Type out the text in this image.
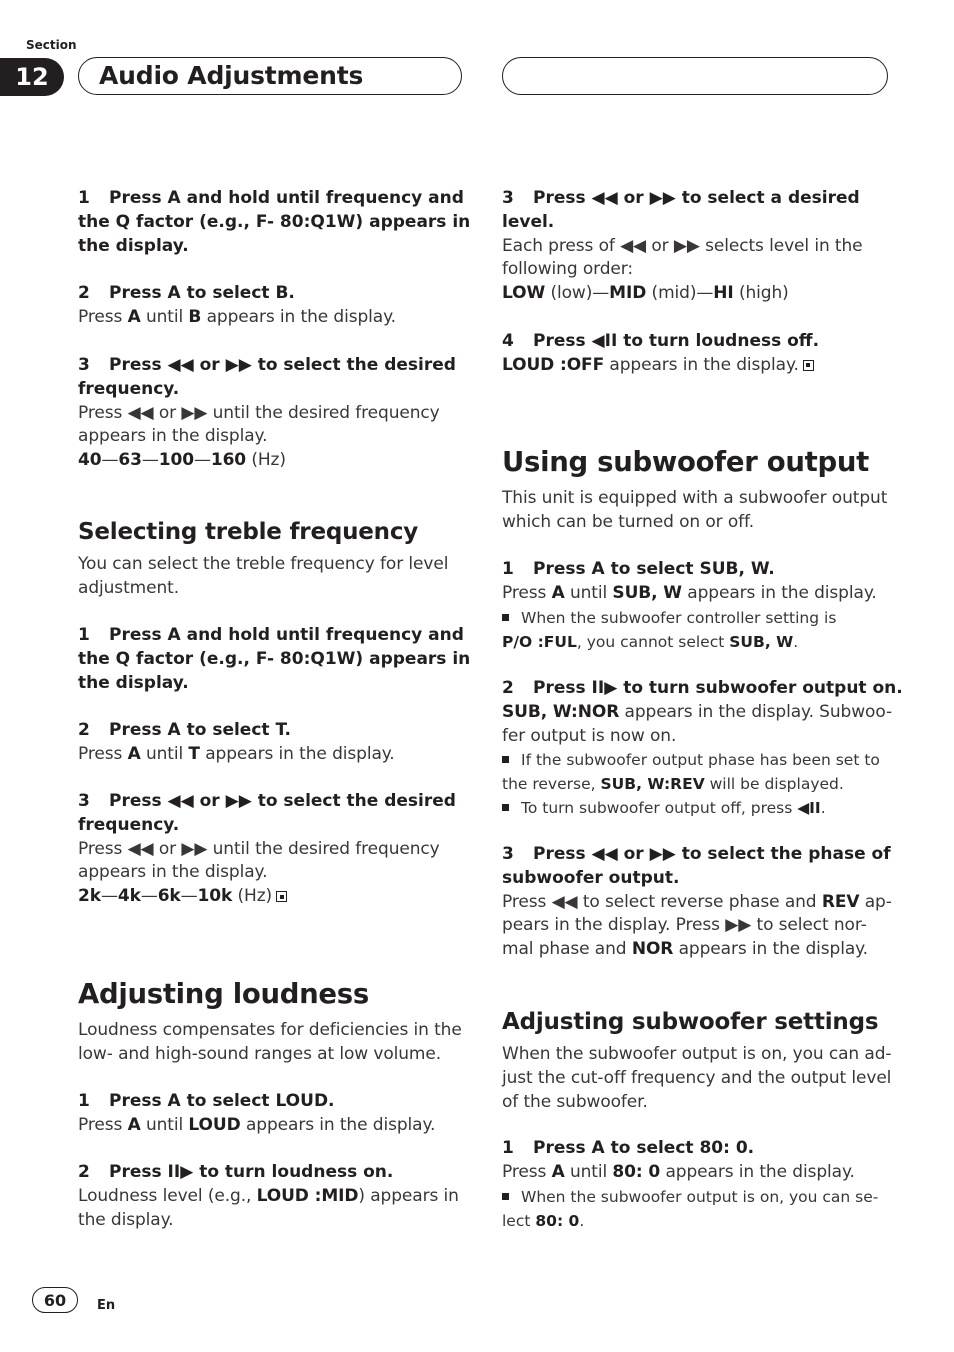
Section
12	Audio Adjustments
1 Press A and hold until frequency and
the Q factor (e.g., F- 80:Q1W) appears in
the display.
2 Press A to select B.
Press A until B appears in the display.
3 Press ◀◀ or ▶▶ to select the desired
frequency.
Press ◀◀ or ▶▶ until the desired frequency
appears in the display.
40—63—100—160 (Hz)
Selecting treble frequency
You can select the treble frequency for level
adjustment.
1 Press A and hold until frequency and
the Q factor (e.g., F- 80:Q1W) appears in
the display.
2 Press A to select T.
Press A until T appears in the display.
3 Press ◀◀ or ▶▶ to select the desired
frequency.
Press ◀◀ or ▶▶ until the desired frequency
appears in the display.
2k—4k—6k—10k (Hz)
Adjusting loudness
Loudness compensates for deficiencies in the
low- and high-sound ranges at low volume.
1 Press A to select LOUD.
Press A until LOUD appears in the display.
2 Press II▶ to turn loudness on.
Loudness level (e.g., LOUD :MID) appears in
the display.
3 Press ◀◀ or ▶▶ to select a desired
level.
Each press of ◀◀ or ▶▶ selects level in the
following order:
LOW (low)—MID (mid)—HI (high)
4 Press ◀II to turn loudness off.
LOUD :OFF appears in the display.
Using subwoofer output
This unit is equipped with a subwoofer output
which can be turned on or off.
1 Press A to select SUB, W.
Press A until SUB, W appears in the display.
When the subwoofer controller setting is
P/O :FUL, you cannot select SUB, W.
2 Press II▶ to turn subwoofer output on.
SUB, W:NOR appears in the display. Subwoo-
fer output is now on.
If the subwoofer output phase has been set to
the reverse, SUB, W:REV will be displayed.
To turn subwoofer output off, press ◀II.
3 Press ◀◀ or ▶▶ to select the phase of
subwoofer output.
Press ◀◀ to select reverse phase and REV ap-
pears in the display. Press ▶▶ to select nor-
mal phase and NOR appears in the display.
Adjusting subwoofer settings
When the subwoofer output is on, you can ad-
just the cut-off frequency and the output level
of the subwoofer.
1 Press A to select 80: 0.
Press A until 80: 0 appears in the display.
When the subwoofer output is on, you can se-
lect 80: 0.
60	En
